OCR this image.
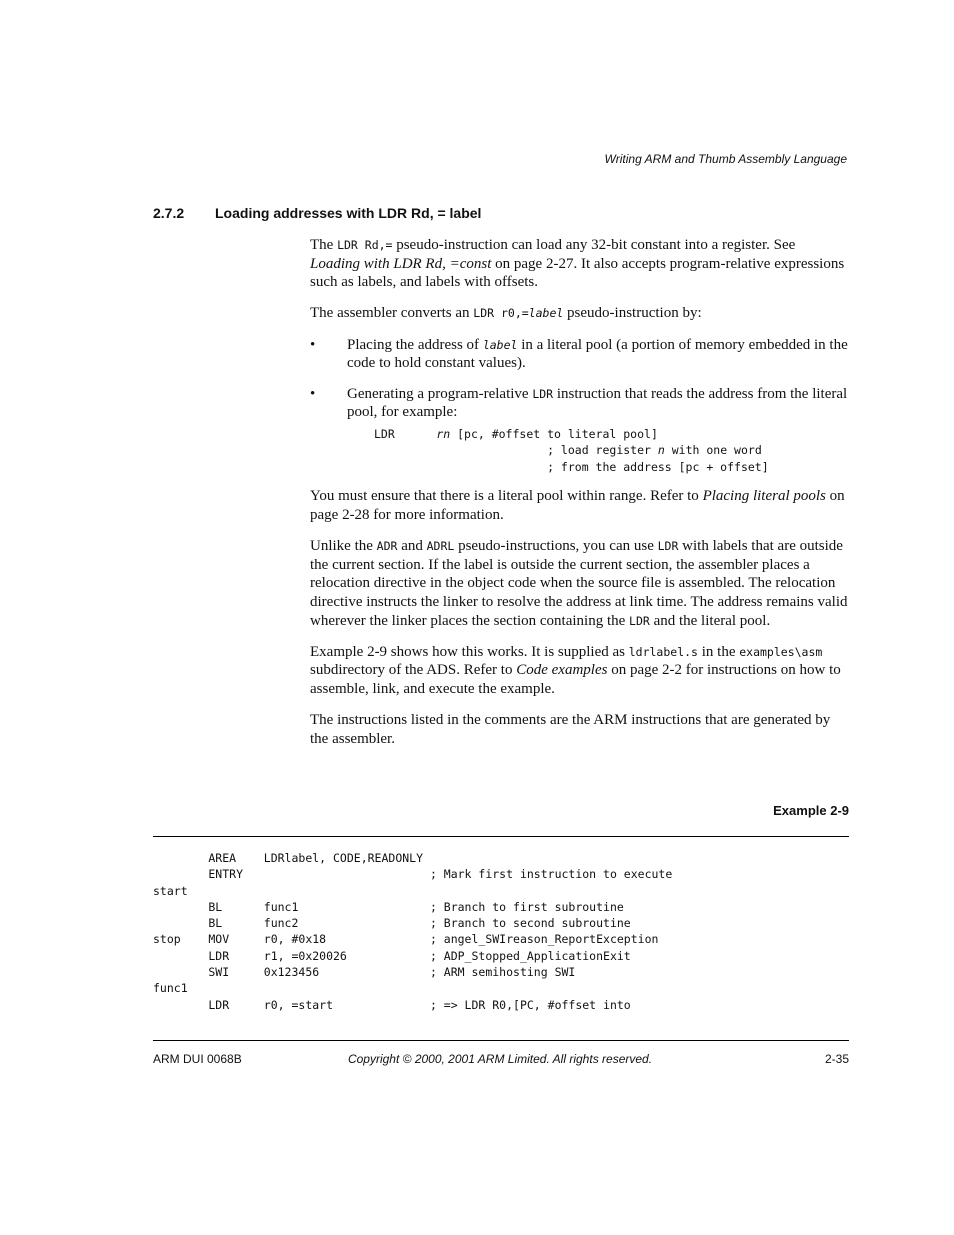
Writing ARM and Thumb Assembly Language
2.7.2 Loading addresses with LDR Rd, = label

The LDR Rd,= pseudo-instruction can load any 32-bit constant into a register. See Loading with LDR Rd, =const on page 2-27. It also accepts program-relative expressions such as labels, and labels with offsets.

The assembler converts an LDR r0,=label pseudo-instruction by:

• Placing the address of label in a literal pool (a portion of memory embedded in the code to hold constant values).
• Generating a program-relative LDR instruction that reads the address from the literal pool, for example:
LDR      rn [pc, #offset to literal pool]
; load register n with one word
; from the address [pc + offset]

You must ensure that there is a literal pool within range. Refer to Placing literal pools on page 2-28 for more information.

Unlike the ADR and ADRL pseudo-instructions, you can use LDR with labels that are outside the current section. If the label is outside the current section, the assembler places a relocation directive in the object code when the source file is assembled. The relocation directive instructs the linker to resolve the address at link time. The address remains valid wherever the linker places the section containing the LDR and the literal pool.

Example 2-9 shows how this works. It is supplied as ldrlabel.s in the examples\asm subdirectory of the ADS. Refer to Code examples on page 2-2 for instructions on how to assemble, link, and execute the example.

The instructions listed in the comments are the ARM instructions that are generated by the assembler.

Example 2-9
AREA    LDRlabel, CODE,READONLY
ENTRY                           ; Mark first instruction to execute
start
BL      func1                   ; Branch to first subroutine
BL      func2                   ; Branch to second subroutine
stop    MOV     r0, #0x18               ; angel_SWIreason_ReportException
LDR     r1, =0x20026            ; ADP_Stopped_ApplicationExit
SWI     0x123456                ; ARM semihosting SWI
func1
LDR     r0, =start              ; => LDR R0,[PC, #offset into
ARM DUI 0068B	Copyright © 2000, 2001 ARM Limited. All rights reserved.	2-35
